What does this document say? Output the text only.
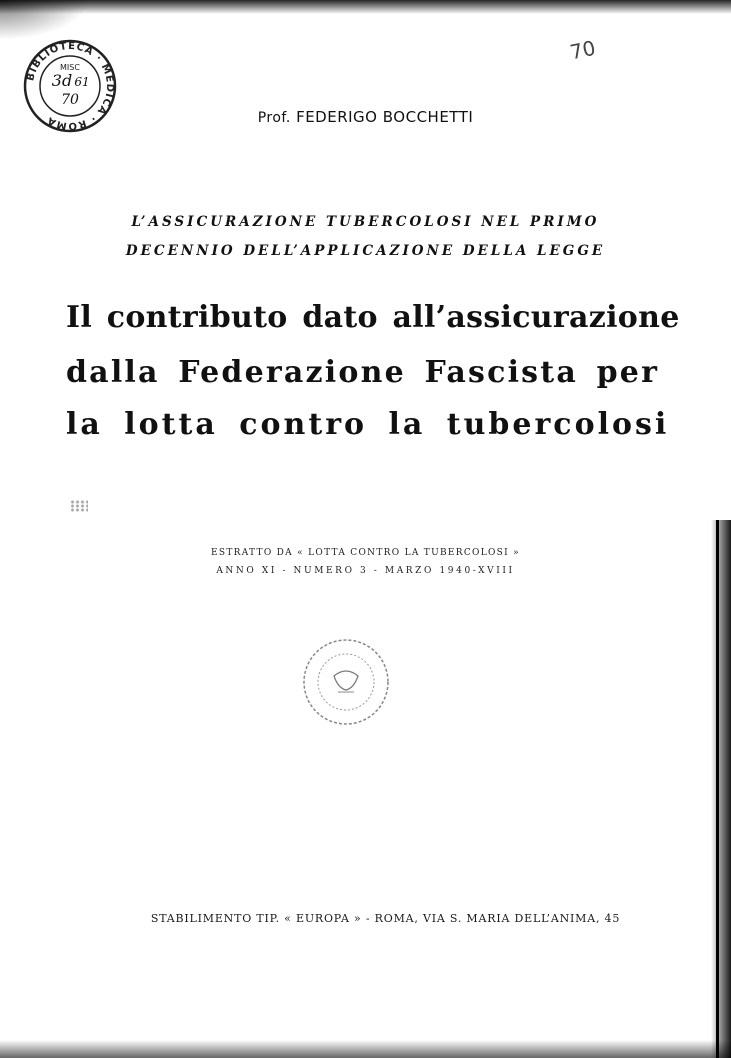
BIBLIOTECA · MEDICA · ROMA
MISC
3d 61
70
70
Prof. FEDERIGO BOCCHETTI
L’ASSICURAZIONE TUBERCOLOSI NEL PRIMO
DECENNIO DELL’APPLICAZIONE DELLA LEGGE
Il contributo dato all’assicurazione
dalla Federazione Fascista per
la lotta contro la tubercolosi
ESTRATTO DA « LOTTA CONTRO LA TUBERCOLOSI »
ANNO XI - NUMERO 3 - MARZO 1940-XVIII
STABILIMENTO TIP. « EUROPA » - ROMA, VIA S. MARIA DELL’ANIMA, 45
